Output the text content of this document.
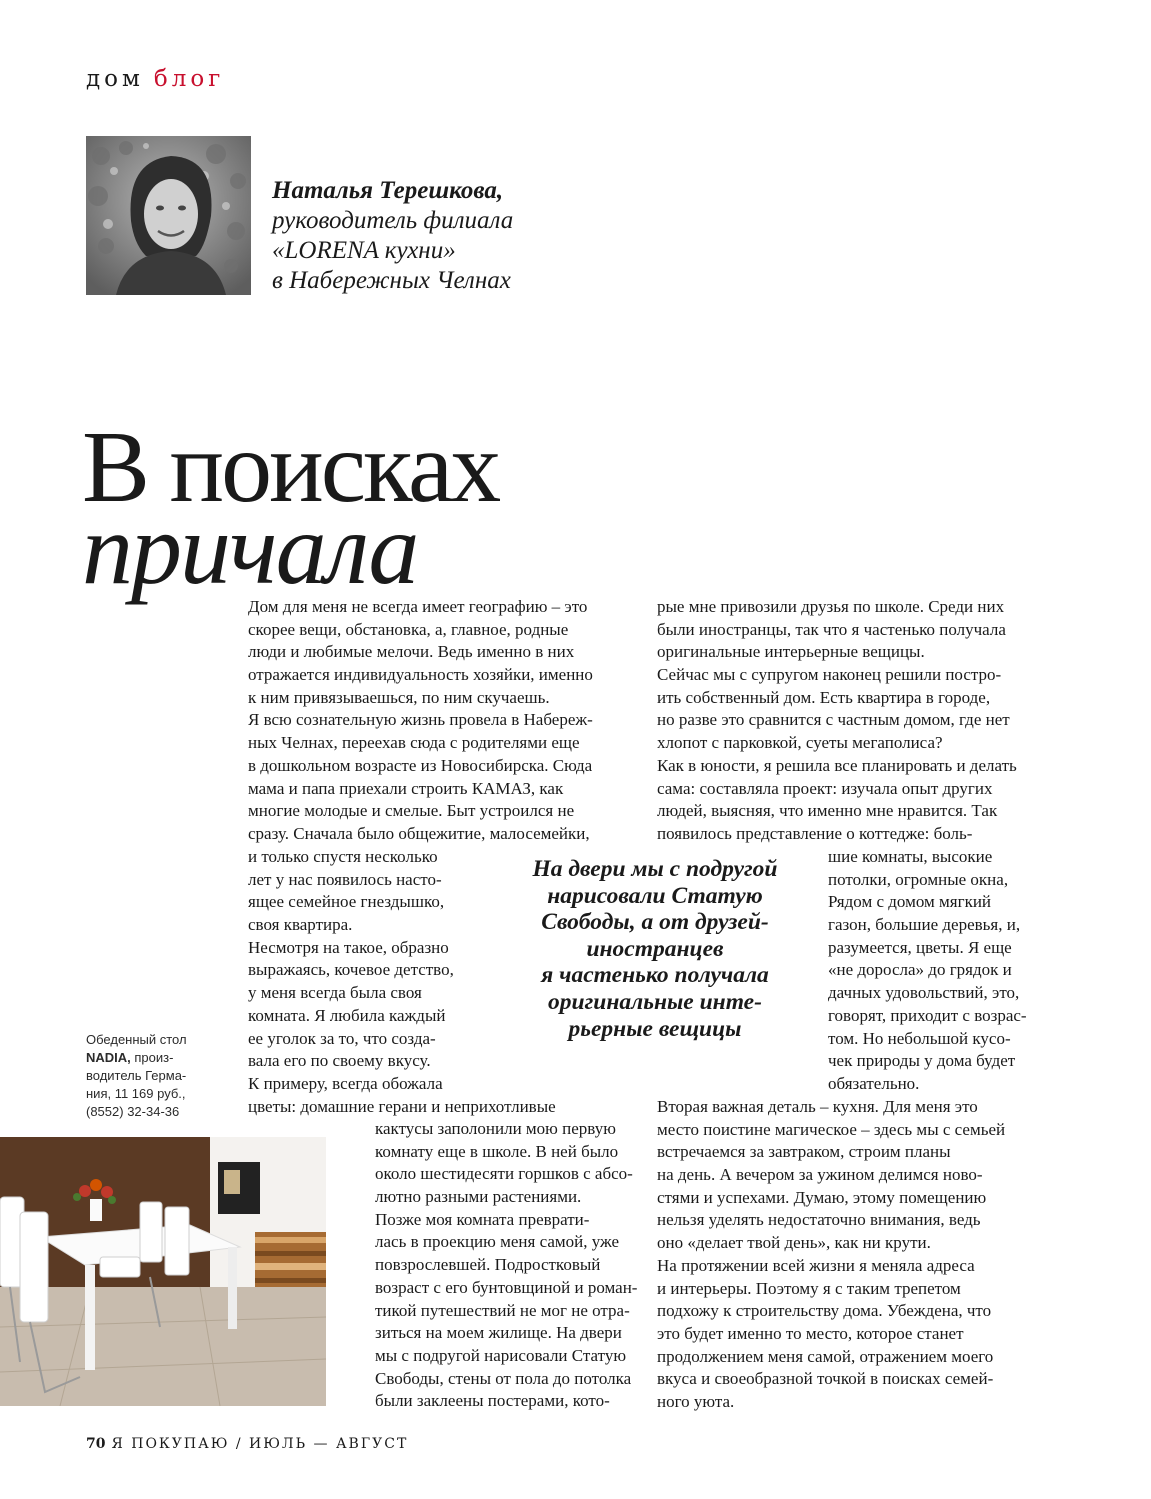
дом блог
Наталья Терешкова,
руководитель филиала
«LORENA кухни»
в Набережных Челнах
В поисках
причала
Дом для меня не всегда имеет географию – это
скорее вещи, обстановка, а, главное, родные
люди и любимые мелочи. Ведь именно в них
отражается индивидуальность хозяйки, именно
к ним привязываешься, по ним скучаешь.
Я всю сознательную жизнь провела в Набереж-
ных Челнах, переехав сюда с родителями еще
в дошкольном возрасте из Новосибирска. Сюда
мама и папа приехали строить КАМАЗ, как
многие молодые и смелые. Быт устроился не
сразу. Сначала было общежитие, малосемейки,
и только спустя несколько
лет у нас появилось насто-
ящее семейное гнездышко,
своя квартира.
Несмотря на такое, образно
выражаясь, кочевое детство,
у меня всегда была своя
комната. Я любила каждый
ее уголок за то, что созда-
вала его по своему вкусу.
К примеру, всегда обожала
цветы: домашние герани и неприхотливые
кактусы заполонили мою первую
комнату еще в школе. В ней было
около шестидесяти горшков с абсо-
лютно разными растениями.
Позже моя комната преврати-
лась в проекцию меня самой, уже
повзрослевшей. Подростковый
возраст с его бунтовщиной и роман-
тикой путешествий не мог не отра-
зиться на моем жилище. На двери
мы с подругой нарисовали Статую
Свободы, стены от пола до потолка
были заклеены постерами, кото-
рые мне привозили друзья по школе. Среди них
были иностранцы, так что я частенько получала
оригинальные интерьерные вещицы.
Сейчас мы с супругом наконец решили постро-
ить собственный дом. Есть квартира в городе,
но разве это сравнится с частным домом, где нет
хлопот с парковкой, суеты мегаполиса?
Как в юности, я решила все планировать и делать
сама: составляла проект: изучала опыт других
людей, выясняя, что именно мне нравится. Так
появилось представление о коттедже: боль-
шие комнаты, высокие
потолки, огромные окна,
Рядом с домом мягкий
газон, большие деревья, и,
разумеется, цветы. Я еще
«не доросла» до грядок и
дачных удовольствий, это,
говорят, приходит с возрас-
том. Но небольшой кусо-
чек природы у дома будет
обязательно.
Вторая важная деталь – кухня. Для меня это
место поистине магическое – здесь мы с семьей
встречаемся за завтраком, строим планы
на день. А вечером за ужином делимся ново-
стями и успехами. Думаю, этому помещению
нельзя уделять недостаточно внимания, ведь
оно «делает твой день», как ни крути.
На протяжении всей жизни я меняла адреса
и интерьеры. Поэтому я с таким трепетом
подхожу к строительству дома. Убеждена, что
это будет именно то место, которое станет
продолжением меня самой, отражением моего
вкуса и своеобразной точкой в поисках семей-
ного уюта.
На двери мы с подругой
нарисовали Статую
Свободы, а от друзей-
иностранцев
я частенько получала
оригинальные инте-
рьерные вещицы
Обеденный стол
NADIA, произ-
водитель Герма-
ния, 11 169 руб.,
(8552) 32-34-36
70 Я ПОКУПАЮ / ИЮЛЬ — АВГУСТ
